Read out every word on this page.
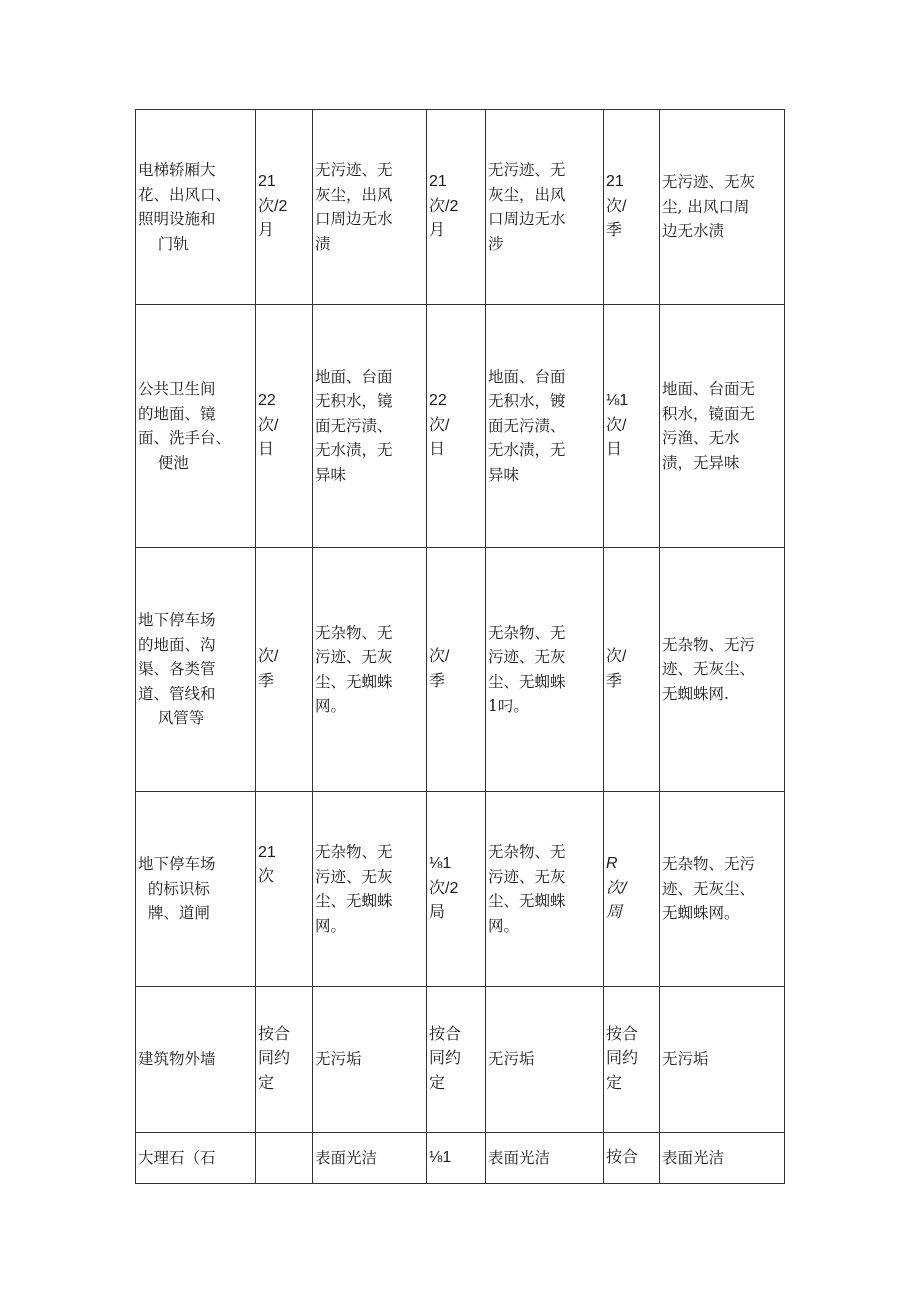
电梯轿厢大
花、出风口、
照明设施和
门轨	21
次/2
月	无污迹、无
灰尘，出风
口周边无水
渍	21
次/2
月	无污迹、无
灰尘，出风
口周边无水
涉	21
次/
季	无污迹、无灰
尘, 出风口周
边无水渍

公共卫生间
的地面、镜
面、洗手台、
便池	22
次/
日	地面、台面
无积水，镜
面无污渍、
无水渍，无
异味	22
次/
日	地面、台面
无积水，镀
面无污渍、
无水渍，无
异味	⅛1
次/
日	地面、台面无
积水，镜面无
污渔、无水
渍，无异味

地下停车场
的地面、沟
渠、各类管
道、管线和
风管等	次/
季	无杂物、无
污迹、无灰
尘、无蜘蛛
网。	次/
季	无杂物、无
污迹、无灰
尘、无蜘蛛
1叼。	次/
季	无杂物、无污
迹、无灰尘、
无蜘蛛网.

地下停车场
的标识标
牌、道闸	21
次	无杂物、无
污迹、无灰
尘、无蜘蛛
网。	⅛1
次/2
局	无杂物、无
污迹、无灰
尘、无蜘蛛
网。	R
次/
周	无杂物、无污
迹、无灰尘、
无蜘蛛网。

建筑物外墙	按合
同约
定	无污垢	按合
同约
定	无污垢	按合
同约
定	无污垢

大理石（石		表面光洁	⅛1	表面光洁	按合	表面光洁
